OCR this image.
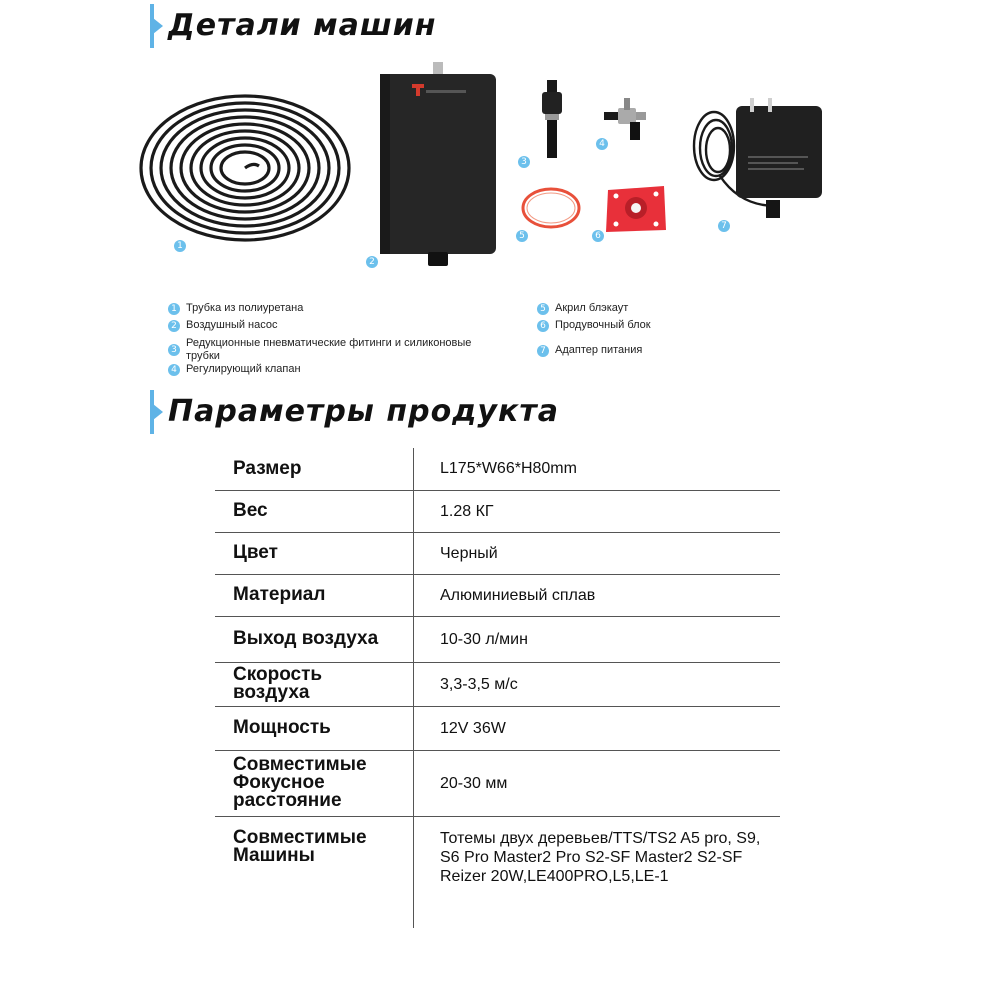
Детали машин
1
2
3
4
5	6
7
1 Трубка из полиуретана
2 Воздушный насос
3
Редукционные пневматические фитинги и силиконовые трубки
4 Регулирующий клапан
5 Акрил блэкаут
6 Продувочный блок
7 Адаптер питания
Параметры продукта
Размер	L175*W66*H80mm
Вес	1.28 КГ
Цвет	Черный
Материал	Алюминиевый сплав

Выход воздуха	10-30 л/мин

Скорость воздуха	3,3-3,5 м/с
Мощность	12V 36W

Совместимые Фокусное расстояние	20-30 мм

Совместимые Машины	Тотемы двух деревьев/TTS/TS2 A5 pro, S9, S6 Pro Master2 Pro S2-SF Master2 S2-SF Reizer 20W,LE400PRO,L5,LE-1
